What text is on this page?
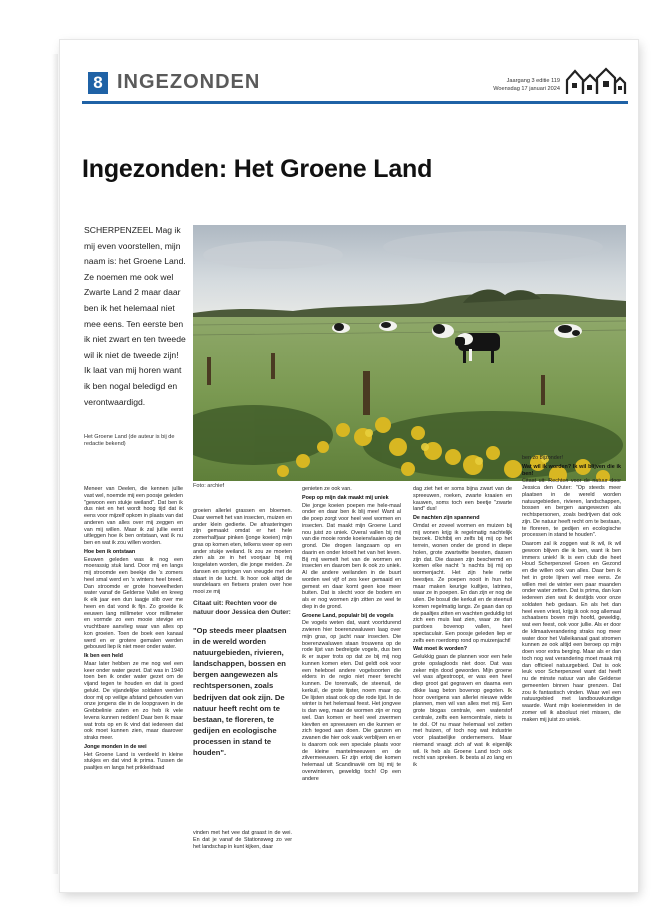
8 INGEZONDEN	Jaargang 3 editie 119
Woensdag 17 januari 2024
Ingezonden: Het Groene Land
SCHERPENZEEL Mag ik mij even voorstellen, mijn naam is: het Groene Land. Ze noemen me ook wel Zwarte Land 2 maar daar ben ik het helemaal niet mee eens. Ten eerste ben ik niet zwart en ten tweede wil ik niet de tweede zijn! Ik laat van mij horen want ik ben nogal beledigd en verontwaardigd.
Het Groene Land (de auteur is bij de redactie bekend)
Foto: archief

Meneer van Deelen, die kennen jullie vast wel, noemde mij een poosje geleden "gewoon een stukje weiland". Dat ben ik dus niet en het wordt hoog tijd dat ik eens voor mijzelf opkom in plaats van dat anderen van alles over mij zeggen en van mij willen. Maar ik zal jullie eerst uitleggen hoe ik ben ontstaan, wat ik nu ben en wat ik zou willen worden.

Hoe ben ik ontstaan

Eeuwen geleden was ik nog een moerassig stuk land. Door mij en langs mij stroomde een beekje die 's zomers heel smal werd en 's winters heel breed. Dan stroomde er grote hoeveelheden water vanaf de Gelderse Vallei en kreeg ik elk jaar een dun laagje slib over me heen en dat vond ik fijn. Zo groeide ik eeuwen lang millimeter voor millimeter en vormde zo een mooie stevige en vruchtbare aanvlieg waar van alles op kon groeien. Toen de boek een kanaal werd en er grotere gemalen werden gebouwd liep ik niet meer onder water.

Ik ben een held

Maar later hebben ze me nog wel een keer onder water gezet. Dat was in 1940 toen ben ik onder water gezet om de vijand tegen te houden en dat is goed gelukt. De vijandelijke soldaten werden door mij op veilige afstand gehouden van onze jongens die in de loopgraven in de Grebbelinie zaten en zo heb ik vele levens kunnen redden! Daar ben ik maar wat trots op en ik vind dat iedereen dat ook moet kunnen zien, maar daarover straks meer.

Jonge monden in de wei

Het Groene Land is verdeeld in kleine stukjes en dat vind ik prima. Tussen de paaltjes en langs het prikkeldraad

groeien allerlei grassen en bloemen. Daar wemelt het van insecten, muizen en ander klein gedierte. De afrasteringen zijn gemaakt omdat er het hele zomerhalfjaar pinken (jonge koeien) mijn gras op komen eten, telkens weer op een ander stukje weiland. Ik zou ze moeten zien als ze in het voorjaar bij mij losgelaten worden, die jonge meiden. Ze dansen en springen van vreugde met de staart in de lucht. Ik hoor ook altijd de wandelaars en fietsers praten over hoe mooi ze mij

Citaat uit: Rechten voor de natuur door Jessica den Outer:
"Op steeds meer plaatsen in de wereld worden natuurgebieden, rivieren, landschappen, bossen en bergen aangewezen als rechtspersonen, zoals bedrijven dat ook zijn. De natuur heeft recht om te bestaan, te floreren, te gedijen en ecologische processen in stand te houden".
vinden met het vee dat graast in de wei. En dat je vanaf de Stationsweg zo ver het landschap in kunt kijken, daar

genieten ze ook van.

Poep op mijn dak maakt mij uniek

Die jonge koeien poepen me hele-maal onder en daar ben ik blij mee! Want al die poep zorgt voor heel veel wormen en insecten. Dat maakt mijn Groene Land nou juist zo uniek. Overal vallen bij mij van die mooie ronde koeienvlaaien op de grond. Die drogen langzaam op en daarin en onder krioelt het van het leven. Bij mij wemelt het van de wormen en insecten en daarom ben ik ook zo uniek. Al die andere weilanden in de buurt worden wel vijf of zes keer gemaaid en gemest en daar komt geen koe meer buiten. Dat is slecht voor de bodem en als er nog wormen zijn zitten ze veel te diep in de grond.

Groene Land, populair bij de vogels

De vogels weten dat, want voortdurend zwieren hier boerenzwaluwen laag over mijn gras, op jacht naar insecten. Die boerenzwaluwen staan trouwens op de rode lijst van bedreigde vogels, dus ben ik er super trots op dat ze bij mij nog kunnen komen eten. Dat geldt ook voor een heleboel andere vogelsoorten die elders in de regio niet meer terecht kunnen. De torenvalk, de steenuil, de kerkuil, de grote lijster, noem maar op. De lijsten staat ook op die rode lijst. In de winter is het helemaal feest. Het jongvee is dan weg, maar de wormen zijn er nog wel. Dan komen er heel veel zwermen kieviten en spreeuwen en die kunnen er zich tegoed aan doen. Die ganzen en zwanen die hier ook vaak verblijven en er is daarom ook een speciale plaats voor de kleine mantelmeeuwen en de zilvermeeuwen. Er zijn ertoij die komen helemaal uit Scandinavië om bij mij te overwinteren, geweldig toch! Op een andere

dag ziet het er soms bijna zwart van de spreeuwen, roeken, zwarte kraaien en kauwen, soms toch een beetje "zwarte land" dus!

De nachten zijn spannend

Omdat er zoveel wormen en muizen bij mij wonen krijg ik regelmatig nachtelijk bezoek. Dichtbij en zelfs bij mij op het terrein, wonen onder de grond in diepe holen, grote zwartwitte beesten, dassen zijn dat. Die dassen zijn beschermd en komen elke nacht 's nachts bij mij op wormenjacht. Het zijn hele nette beestjes. Ze poepen nooit in hun hol maar maken keurige kuiltjes, latrines, waar ze in poepen. En dan zijn er nog de uilen. De bosuil die kerkuil en de steenuil komen regelmatig langs. Ze gaan dan op de paaltjes zitten en wachten geduldig tot zich een muis laat zien, waar ze dan pardoes bovenop vallen, heel spectaculair. Een poosje geleden liep er zelfs een roerdomp rond op muizenjacht!

Wat moet ik worden?

Gelukkig gaan de plannen voor een hele grote opslagloods niet door. Dat was zeker mijn dood geworden. Mijn groene vel was afgestroopt, er was een heel diep groot gat gegraven en daarna een dikke laag beton bovenop gegoten. Ik hoor overigens van allerlei nieuwe wilde plannen, men wil van alles met mij. Een grote biogas centrale, een waterstof centrale, zelfs een kerncentrale, niets is te dol. Of nu maar helemaal vol zetten met huizen, of toch nog wat industrie voor plaatselijke ondernemers. Maar niemand vraagt zich af wat ik eigenlijk wil. Ik heb als Groene Land toch ook recht van spreken. Ik besta al zo lang en ik

ben zo bijzonder!

Wat wil ik worden? Ik wil blijven die ik ben!

Citaat uit: Rechten voor de natuur door Jessica den Outer: "Op steeds meer plaatsen in de wereld worden natuurgebieden, rivieren, landschappen, bossen en bergen aangewezen als rechtspersonen, zoals bedrijven dat ook zijn. De natuur heeft recht om te bestaan, te floreren, te gedijen en ecologische processen in stand te houden".

Daarom zal ik zoggen wat ik wil, ik wil gewoon blijven die ik ben, want ik ben immers uniek! Ik is een club die heet Houd Scherpenzeel Groen en Gezond en die willen ook van alles. Daar ben ik het in grote lijnen wel mee eens. Ze willen mei de winter een paar maanden onder water zetten. Dat is prima, dan kan iedereen zien wat ik destijds voor onze soldaten heb gedaan. En als het dan heel even vriest, krijg ik ook nog allemaal schaatsers boven mijn hoofd, geweldig, wat een feest, ook voor jullie. Als er door de klimaatverandering straks nog meer water door het Valleikanaal gaat stromen kunnen ze ook altijd een beroep op mijn doen voor extra berging. Maar als er dan toch nog wat verandering moet maak mij dan officieel natuurgebied. Dat is ook leuk voor Scherpenzeel want dat heeft nu de minste natuur van alle Gelderse gemeenten binnen haar grenzen. Dat zou ik fantastisch vinden. Waar wel een natuurgebied met landbouwkundige waarde. Want mijn koeienmeiden in de zomer wil ik absoluut niet missen, die maken mij juist zo uniek.
